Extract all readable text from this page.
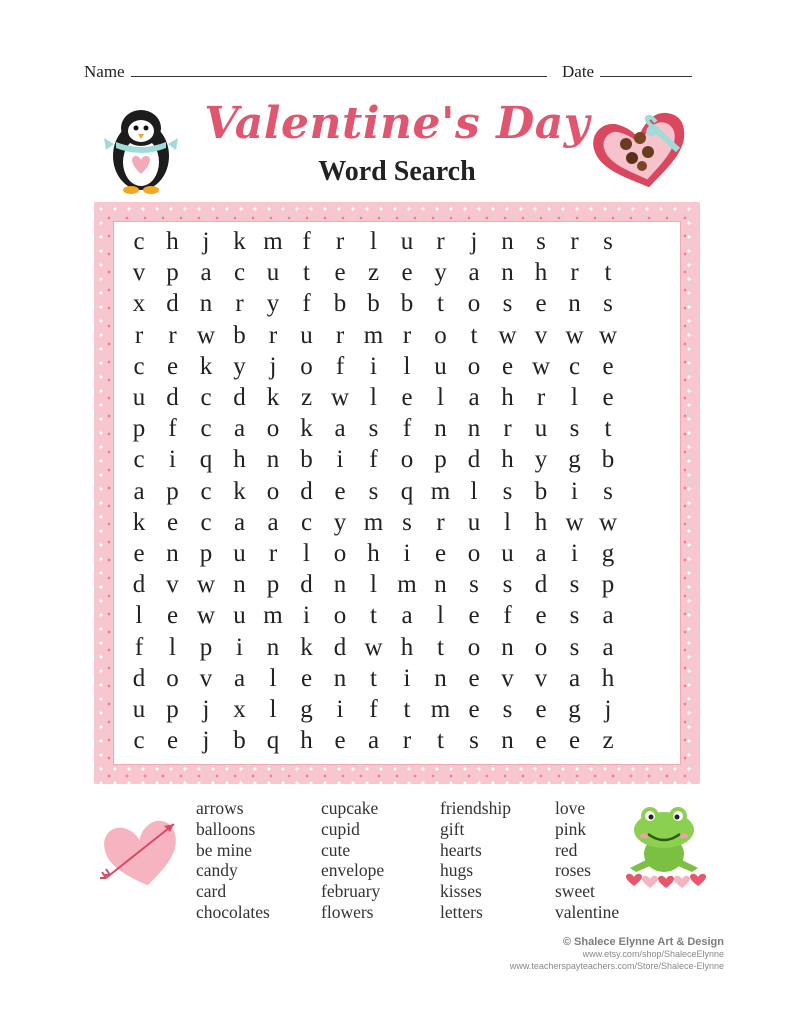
Name	Date
Valentine's Day
Word Search
c h j k m f	r	l u r	j n s r s
v p a c u t e z e y a n h r	t
x d n r y f b b b t o s e n s
r	r w b r u r m r o t w v w w
c e k y j o f	i	l u o e w c e
u d c d k z w l e l a h r	l e
p f c a o k a s f n n r u s	t
c i q h n b i	f o p d h y g b
a p c k o d e s q m l	s b i	s
k e c a a c y m s r u l h w w
e n p u r	l o h i e o u a i g
d v w n p d n l m n s s d s p
l e w u m i o t a l e f e s a
f	l p i n k d w h t o n o s a
d o v a l e n t	i n e v v a h
u p j x l g i	f	t m e s e g j
c e j b q h e a r	t	s n e e z
arrows
balloons
be mine
candy
card
chocolates
cupcake
cupid
cute
envelope
february
flowers
friendship
gift
hearts
hugs
kisses
letters
love
pink
red
roses
sweet
valentine
© Shalece Elynne Art & Design
www.etsy.com/shop/ShaleceElynne
www.teacherspayteachers.com/Store/Shalece-Elynne
